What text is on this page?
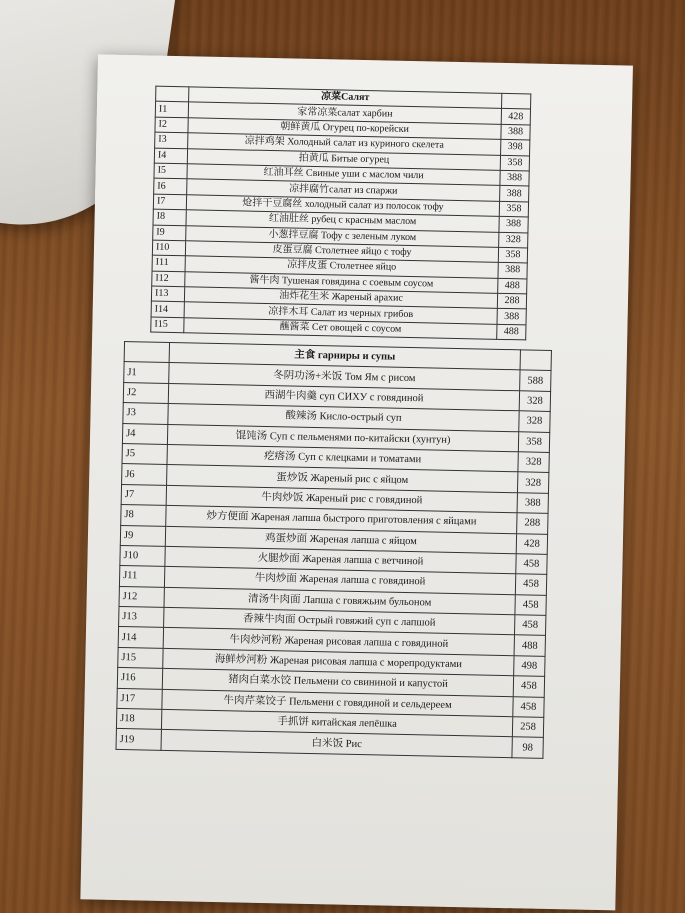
	凉菜Салят	
I1	家常凉菜салат харбин	428
I2	朝鲜黄瓜 Огурец по-корейски	388
I3	凉拌鸡架 Холодный салат из куриного скелета	398
I4	拍黄瓜 Битые огурец	358
I5	红油耳丝 Свиные уши с маслом чили	388
I6	凉拌腐竹салат из спаржи	388
I7	炝拌干豆腐丝 холодный салат из полосок тофу	358
I8	红油肚丝 рубец с красным маслом	388
I9	小葱拌豆腐 Тофу с зеленым луком	328
I10	皮蛋豆腐 Столетнее яйцо с тофу	358
I11	凉拌皮蛋 Столетнее яйцо	388
I12	酱牛肉 Тушеная говядина с соевым соусом	488
I13	油炸花生米 Жареный арахис	288
I14	凉拌木耳 Салат из черных грибов	388
I15	蘸酱菜 Сет овощей с соусом	488
	主食 гарниры и супы	
J1	冬阴功汤+米饭 Том Ям с рисом	588
J2	西湖牛肉羹 суп СИХУ с говядиной	328
J3	酸辣汤 Кисло-острый суп	328
J4	馄饨汤 Суп с пельменями по-китайски (хунтун)	358
J5	疙瘩汤 Суп с клецками и томатами	328
J6	蛋炒饭 Жареный рис с яйцом	328
J7	牛肉炒饭 Жареный рис с говядиной	388
J8	炒方便面 Жареная лапша быстрого приготовления с яйцами	288
J9	鸡蛋炒面 Жареная лапша с яйцом	428
J10	火腿炒面 Жареная лапша с ветчиной	458
J11	牛肉炒面 Жареная лапша с говядиной	458
J12	清汤牛肉面 Лапша с говяжьим бульоном	458
J13	香辣牛肉面 Острый говяжий суп с лапшой	458
J14	牛肉炒河粉 Жареная рисовая лапша с говядиной	488
J15	海鲜炒河粉 Жареная рисовая лапша с морепродуктами	498
J16	猪肉白菜水饺 Пельмени со свининой и капустой	458
J17	牛肉芹菜饺子 Пельмени с говядиной и сельдереем	458
J18	手抓饼 китайская лепёшка	258
J19	白米饭 Рис	98
